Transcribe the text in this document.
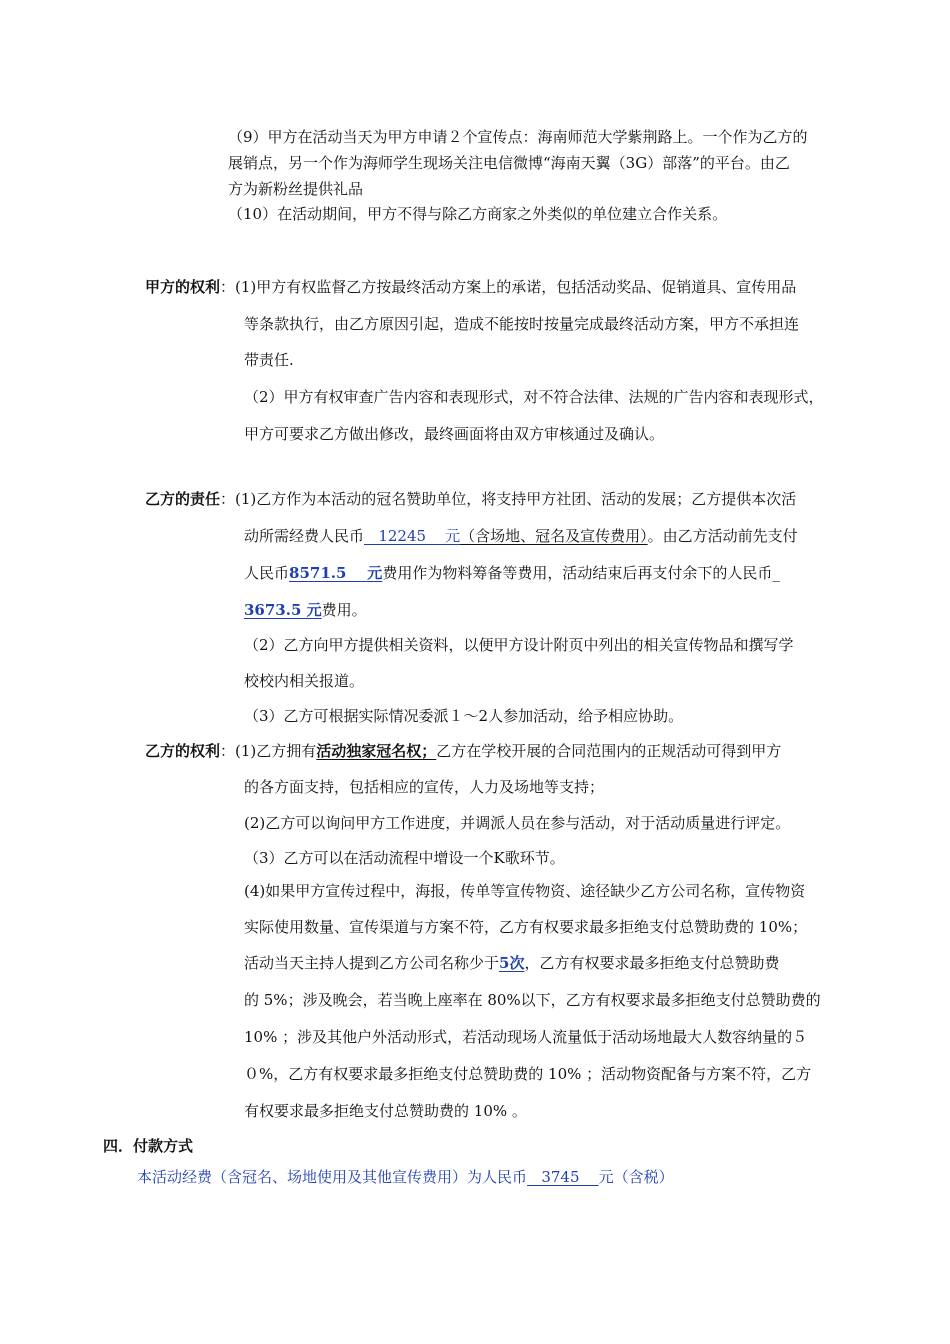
（9）甲方在活动当天为甲方申请２个宣传点：海南师范大学紫荆路上。一个作为乙方的
展销点，另一个作为海师学生现场关注电信微博“海南天翼（3G）部落”的平台。由乙
方为新粉丝提供礼品
（10）在活动期间，甲方不得与除乙方商家之外类似的单位建立合作关系。
甲方的权利：(1)甲方有权监督乙方按最终活动方案上的承诺，包括活动奖品、促销道具、宣传用品
等条款执行，由乙方原因引起，造成不能按时按量完成最终活动方案，甲方不承担连
带责任.
（2）甲方有权审查广告内容和表现形式，对不符合法律、法规的广告内容和表现形式，
甲方可要求乙方做出修改，最终画面将由双方审核通过及确认。
乙方的责任：(1)乙方作为本活动的冠名赞助单位，将支持甲方社团、活动的发展；乙方提供本次活
动所需经费人民币   12245    元（含场地、冠名及宣传费用）。由乙方活动前先支付
人民币8571.5    元费用作为物料筹备等费用，活动结束后再支付余下的人民币_
3673.5 元费用。
（2）乙方向甲方提供相关资料，以便甲方设计附页中列出的相关宣传物品和撰写学
校校内相关报道。
（3）乙方可根据实际情况委派１～2人参加活动，给予相应协助。
乙方的权利：(1)乙方拥有活动独家冠名权；乙方在学校开展的合同范围内的正规活动可得到甲方
的各方面支持，包括相应的宣传，人力及场地等支持；
(2)乙方可以询问甲方工作进度，并调派人员在参与活动，对于活动质量进行评定。
（3）乙方可以在活动流程中增设一个K歌环节。
(4)如果甲方宣传过程中，海报，传单等宣传物资、途径缺少乙方公司名称，宣传物资
实际使用数量、宣传渠道与方案不符，乙方有权要求最多拒绝支付总赞助费的 10%；
活动当天主持人提到乙方公司名称少于5次，乙方有权要求最多拒绝支付总赞助费
的 5%；涉及晚会，若当晚上座率在 80%以下，乙方有权要求最多拒绝支付总赞助费的
10% ；涉及其他户外活动形式，若活动现场人流量低于活动场地最大人数容纳量的５
０%，乙方有权要求最多拒绝支付总赞助费的 10% ；活动物资配备与方案不符，乙方
有权要求最多拒绝支付总赞助费的 10% 。
四．付款方式
本活动经费（含冠名、场地使用及其他宣传费用）为人民币   3745    元（含税）
